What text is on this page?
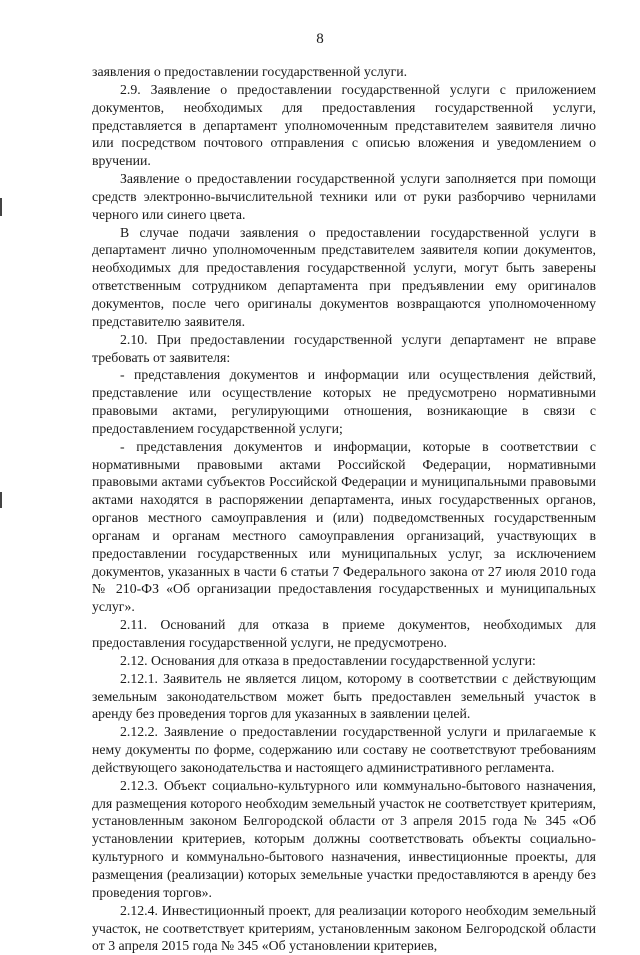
8

заявления о предоставлении государственной услуги.

2.9. Заявление о предоставлении государственной услуги с приложением документов, необходимых для предоставления государственной услуги, представляется в департамент уполномоченным представителем заявителя лично или посредством почтового отправления с описью вложения и уведомлением о вручении.

Заявление о предоставлении государственной услуги заполняется при помощи средств электронно-вычислительной техники или от руки разборчиво чернилами черного или синего цвета.

В случае подачи заявления о предоставлении государственной услуги в департамент лично уполномоченным представителем заявителя копии документов, необходимых для предоставления государственной услуги, могут быть заверены ответственным сотрудником департамента при предъявлении ему оригиналов документов, после чего оригиналы документов возвращаются уполномоченному представителю заявителя.

2.10. При предоставлении государственной услуги департамент не вправе требовать от заявителя:

- представления документов и информации или осуществления действий, представление или осуществление которых не предусмотрено нормативными правовыми актами, регулирующими отношения, возникающие в связи с предоставлением государственной услуги;

- представления документов и информации, которые в соответствии с нормативными правовыми актами Российской Федерации, нормативными правовыми актами субъектов Российской Федерации и муниципальными правовыми актами находятся в распоряжении департамента, иных государственных органов, органов местного самоуправления и (или) подведомственных государственным органам и органам местного самоуправления организаций, участвующих в предоставлении государственных или муниципальных услуг, за исключением документов, указанных в части 6 статьи 7 Федерального закона от 27 июля 2010 года № 210-ФЗ «Об организации предоставления государственных и муниципальных услуг».

2.11. Оснований для отказа в приеме документов, необходимых для предоставления государственной услуги, не предусмотрено.

2.12. Основания для отказа в предоставлении государственной услуги:

2.12.1. Заявитель не является лицом, которому в соответствии с действующим земельным законодательством может быть предоставлен земельный участок в аренду без проведения торгов для указанных в заявлении целей.

2.12.2. Заявление о предоставлении государственной услуги и прилагаемые к нему документы по форме, содержанию или составу не соответствуют требованиям действующего законодательства и настоящего административного регламента.

2.12.3. Объект социально-культурного или коммунально-бытового назначения, для размещения которого необходим земельный участок не соответствует критериям, установленным законом Белгородской области от 3 апреля 2015 года № 345 «Об установлении критериев, которым должны соответствовать объекты социально-культурного и коммунально-бытового назначения, инвестиционные проекты, для размещения (реализации) которых земельные участки предоставляются в аренду без проведения торгов».

2.12.4. Инвестиционный проект, для реализации которого необходим земельный участок, не соответствует критериям, установленным законом Белгородской области от 3 апреля 2015 года № 345 «Об установлении критериев,
